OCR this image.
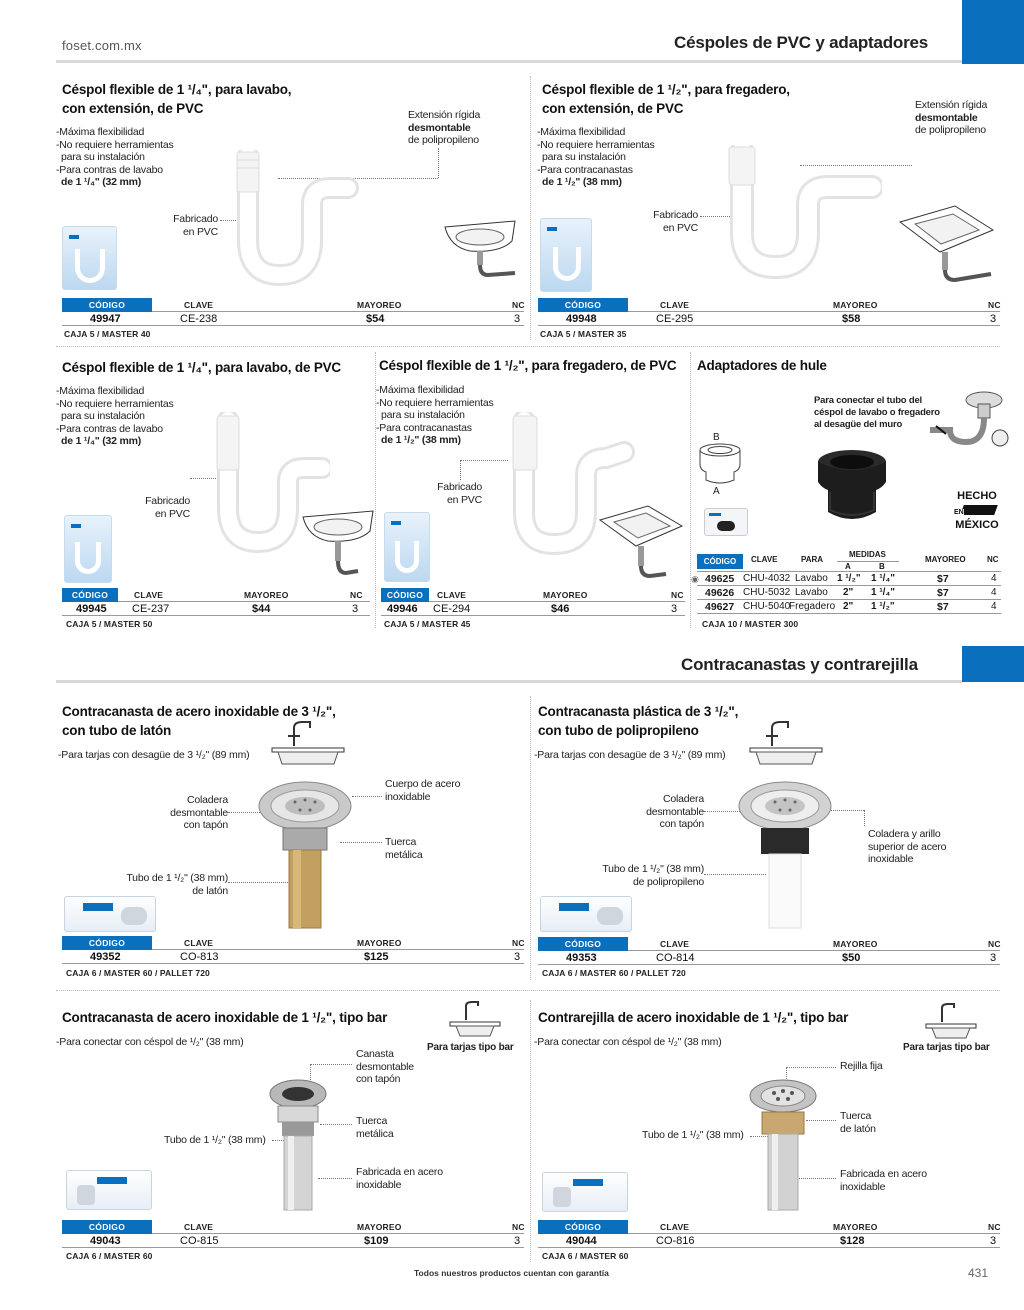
foset.com.mx	Céspoles de PVC y adaptadores
Céspol flexible de 1 ¹/₄", para lavabo,
con extensión, de PVC
-Máxima flexibilidad
-No requiere herramientas
para su instalación
-Para contras de lavabo
de 1 ¹/₄" (32 mm)
Fabricado
en PVC
Extensión rígida
desmontable
de polipropileno
CÓDIGO	CLAVE	MAYOREO	NC
49947	CE-238	$54	3
CAJA 5 / MASTER 40
Céspol flexible de 1 ¹/₂", para fregadero,
con extensión, de PVC
-Máxima flexibilidad
-No requiere herramientas
para su instalación
-Para contracanastas
de 1 ¹/₂" (38 mm)
Fabricado
en PVC
Extensión rígida
desmontable
de polipropileno
CÓDIGO	CLAVE	MAYOREO	NC
49948	CE-295	$58	3
CAJA 5 / MASTER 35
Céspol flexible de 1 ¹/₄", para lavabo, de PVC
-Máxima flexibilidad
-No requiere herramientas
para su instalación
-Para contras de lavabo
de 1 ¹/₄" (32 mm)
Fabricado
en PVC
CÓDIGO	CLAVE	MAYOREO	NC
49945 CE-237	$44	3
CAJA 5 / MASTER 50
Céspol flexible de 1 ¹/₂", para fregadero, de PVC
-Máxima flexibilidad
-No requiere herramientas
para su instalación
-Para contracanastas
de 1 ¹/₂" (38 mm)
Fabricado
en PVC
CÓDIGO	CLAVE	MAYOREO	NC
49946 CE-294	$46	3
CAJA 5 / MASTER 45
Adaptadores de hule
Para conectar el tubo del
céspol de lavabo o fregadero
al desagüe del muro
B
A	HECHO
EN
MÉXICO
CÓDIGO	CLAVE	PARA
MEDIDAS
A	B
MAYOREO	NC
◉ 49625 CHU-4032 Lavabo 1 ¹/₂" 1 ¹/₄"	$7	4
49626 CHU-5032 Lavabo 2" 1 ¹/₄"	$7	4
49627 CHU-5040
Fregadero 2" 1 ¹/₂"	$7	4
CAJA 10 / MASTER 300
Contracanastas y contrarejilla
Contracanasta de acero inoxidable de 3 ¹/₂",
con tubo de latón
-Para tarjas con desagüe de 3 ¹/₂" (89 mm)
Coladera
desmontable
con tapón
Cuerpo de acero
inoxidable
Tuerca
metálica
Tubo de 1 ¹/₂" (38 mm)
de latón
CÓDIGO	CLAVE	MAYOREO	NC
49352	CO-813	$125	3
CAJA 6 / MASTER 60 / PALLET 720
Contracanasta plástica de 3 ¹/₂",
con tubo de polipropileno
-Para tarjas con desagüe de 3 ¹/₂" (89 mm)
Coladera
desmontable
con tapón
Coladera y arillo
superior de acero
inoxidable
Tubo de 1 ¹/₂" (38 mm)
de polipropileno
CÓDIGO	CLAVE	MAYOREO	NC
49353	CO-814	$50	3
CAJA 6 / MASTER 60 / PALLET 720
Contracanasta de acero inoxidable de 1 ¹/₂", tipo bar
-Para conectar con céspol de ¹/₂" (38 mm)	Para tarjas tipo bar
Canasta
desmontable
con tapón
Tuerca
metálica
Tubo de 1 ¹/₂" (38 mm)
Fabricada en acero
inoxidable
CÓDIGO	CLAVE	MAYOREO	NC
49043	CO-815	$109	3
CAJA 6 / MASTER 60
Contrarejilla de acero inoxidable de 1 ¹/₂", tipo bar
-Para conectar con céspol de ¹/₂" (38 mm)	Para tarjas tipo bar
Rejilla fija
Tuerca
de latón
Tubo de 1 ¹/₂" (38 mm)
Fabricada en acero
inoxidable
CÓDIGO	CLAVE	MAYOREO	NC
49044	CO-816	$128	3
CAJA 6 / MASTER 60
Todos nuestros productos cuentan con garantía	431
